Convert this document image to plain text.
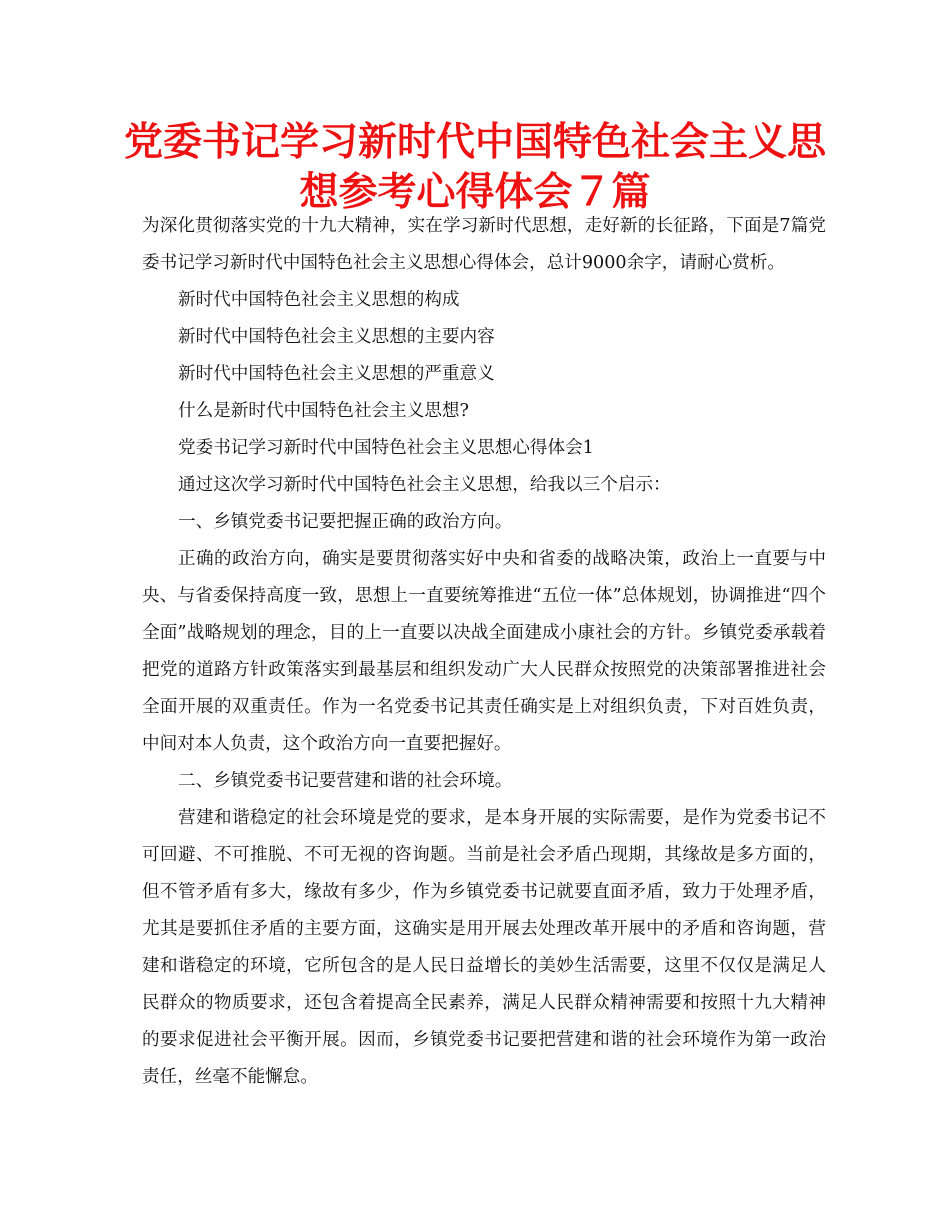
党委书记学习新时代中国特色社会主义思想参考心得体会７篇

为深化贯彻落实党的十九大精神，实在学习新时代思想，走好新的长征路，下面是7篇党委书记学习新时代中国特色社会主义思想心得体会，总计9000余字，请耐心赏析。

新时代中国特色社会主义思想的构成

新时代中国特色社会主义思想的主要内容

新时代中国特色社会主义思想的严重意义

什么是新时代中国特色社会主义思想?

党委书记学习新时代中国特色社会主义思想心得体会1

通过这次学习新时代中国特色社会主义思想，给我以三个启示：

一、乡镇党委书记要把握正确的政治方向。

正确的政治方向，确实是要贯彻落实好中央和省委的战略决策，政治上一直要与中央、与省委保持高度一致，思想上一直要统筹推进“五位一体”总体规划，协调推进“四个全面”战略规划的理念，目的上一直要以决战全面建成小康社会的方针。乡镇党委承载着把党的道路方针政策落实到最基层和组织发动广大人民群众按照党的决策部署推进社会全面开展的双重责任。作为一名党委书记其责任确实是上对组织负责，下对百姓负责，中间对本人负责，这个政治方向一直要把握好。

二、乡镇党委书记要营建和谐的社会环境。

营建和谐稳定的社会环境是党的要求，是本身开展的实际需要，是作为党委书记不可回避、不可推脱、不可无视的咨询题。当前是社会矛盾凸现期，其缘故是多方面的，但不管矛盾有多大，缘故有多少，作为乡镇党委书记就要直面矛盾，致力于处理矛盾，尤其是要抓住矛盾的主要方面，这确实是用开展去处理改革开展中的矛盾和咨询题，营建和谐稳定的环境，它所包含的是人民日益增长的美妙生活需要，这里不仅仅是满足人民群众的物质要求，还包含着提高全民素养，满足人民群众精神需要和按照十九大精神的要求促进社会平衡开展。因而，乡镇党委书记要把营建和谐的社会环境作为第一政治责任，丝毫不能懈怠。
